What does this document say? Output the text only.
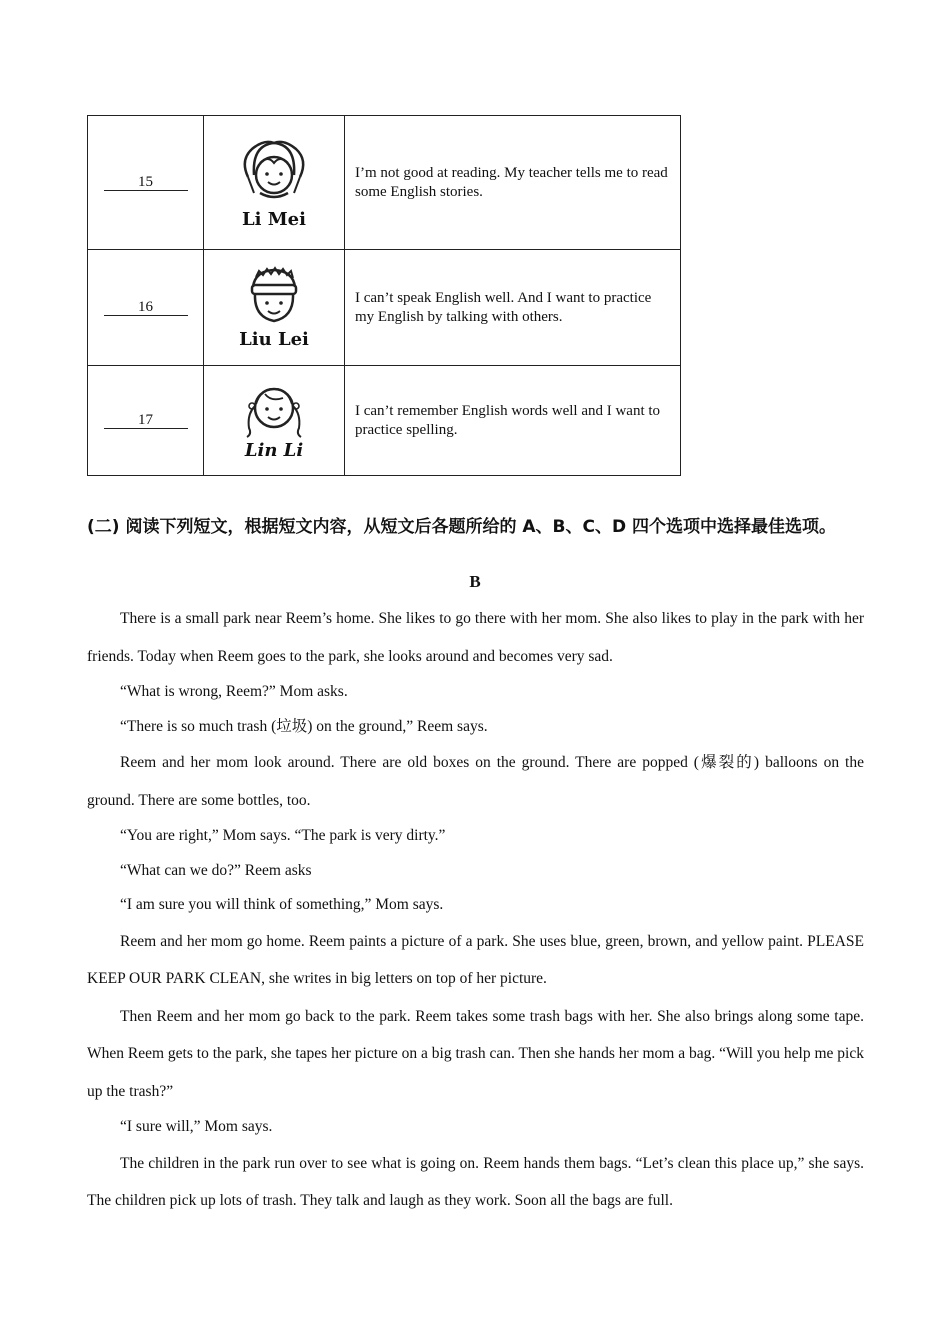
15	Li Mei	I’m not good at reading. My teacher tells me to read some English stories.
16	Liu Lei	I can’t speak English well. And I want to practice my English by talking with others.
17	Lin Li	I can’t remember English words well and I want to practice spelling.
(二) 阅读下列短文，根据短文内容，从短文后各题所给的 A、B、C、D 四个选项中选择最佳选项。
B

There is a small park near Reem’s home. She likes to go there with her mom. She also likes to play in the park with her friends. Today when Reem goes to the park, she looks around and becomes very sad.

“What is wrong, Reem?” Mom asks.

“There is so much trash (垃圾) on the ground,” Reem says.

Reem and her mom look around. There are old boxes on the ground. There are popped (爆裂的) balloons on the ground. There are some bottles, too.

“You are right,” Mom says. “The park is very dirty.”

“What can we do?” Reem asks

“I am sure you will think of something,” Mom says.

Reem and her mom go home. Reem paints a picture of a park. She uses blue, green, brown, and yellow paint. PLEASE KEEP OUR PARK CLEAN, she writes in big letters on top of her picture.

Then Reem and her mom go back to the park. Reem takes some trash bags with her. She also brings along some tape. When Reem gets to the park, she tapes her picture on a big trash can. Then she hands her mom a bag. “Will you help me pick up the trash?”

“I sure will,” Mom says.

The children in the park run over to see what is going on. Reem hands them bags. “Let’s clean this place up,” she says. The children pick up lots of trash. They talk and laugh as they work. Soon all the bags are full.
